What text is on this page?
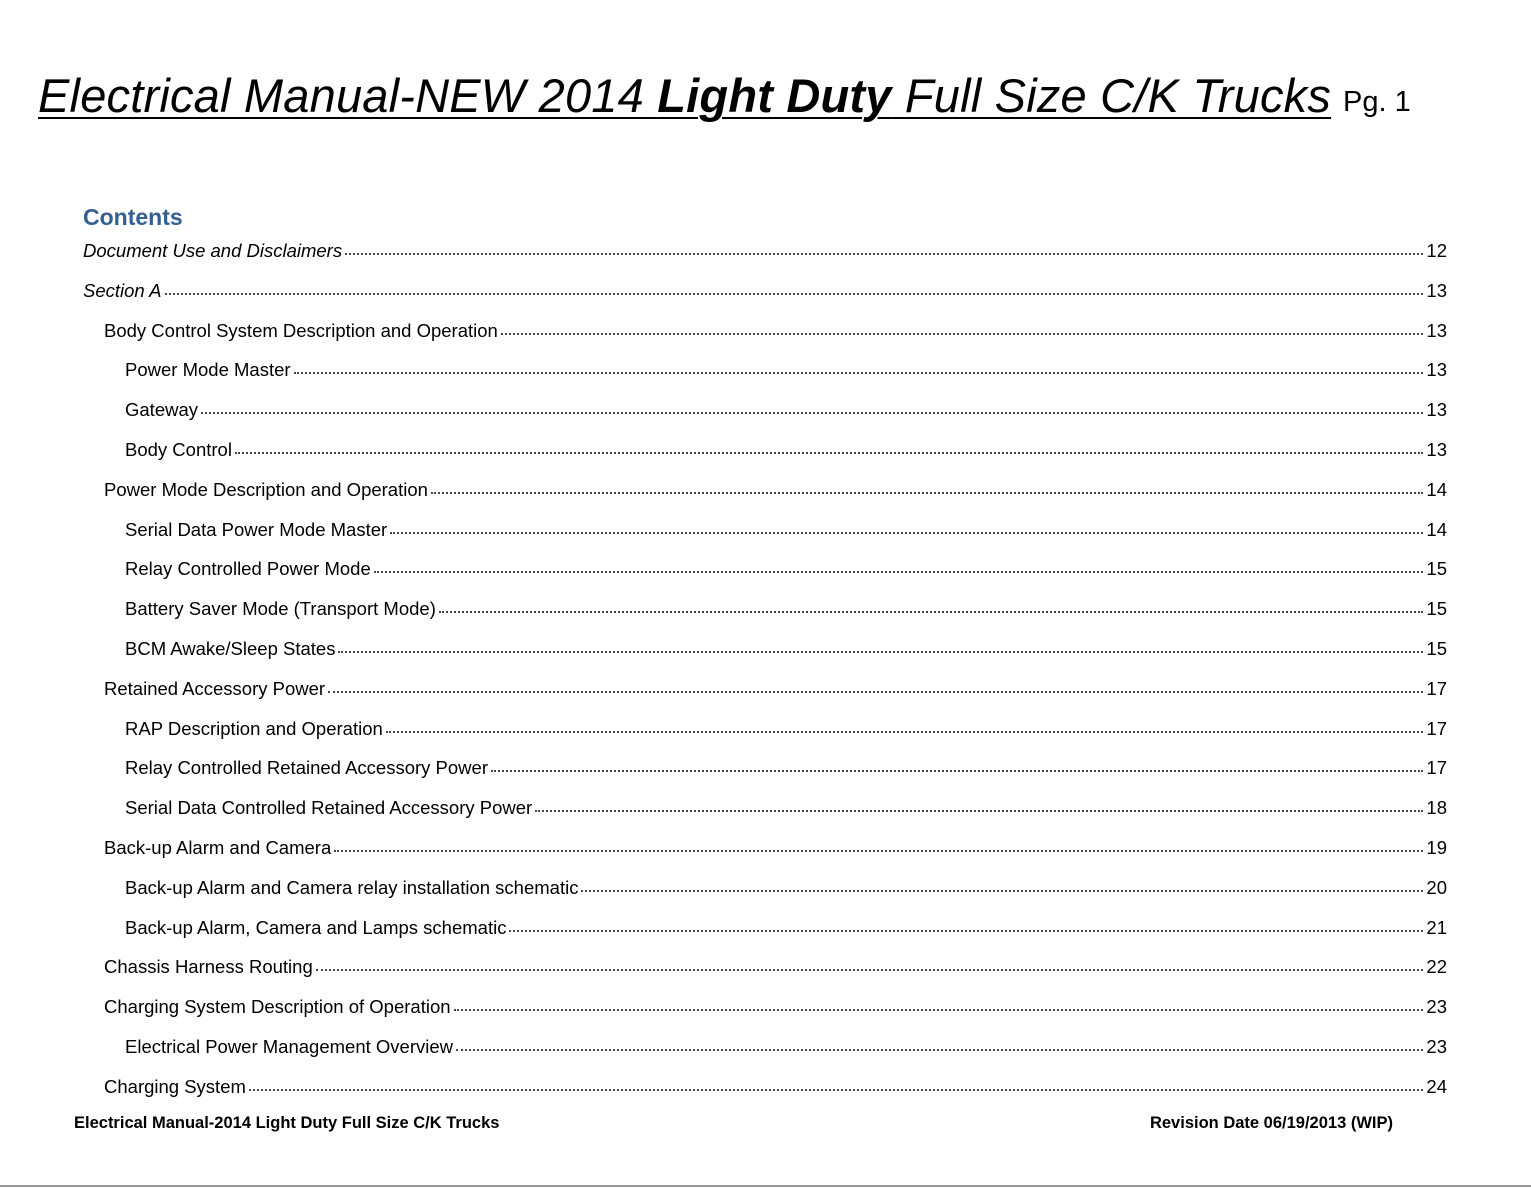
Electrical Manual-NEW 2014 Light Duty Full Size C/K Trucks Pg. 1
Contents
Document Use and Disclaimers	12
Section A	13
Body Control System Description and Operation	13
Power Mode Master	13
Gateway	13
Body Control	13
Power Mode Description and Operation	14
Serial Data Power Mode Master	14
Relay Controlled Power Mode	15
Battery Saver Mode (Transport Mode)	15
BCM Awake/Sleep States	15
Retained Accessory Power	17
RAP Description and Operation	17
Relay Controlled Retained Accessory Power	17
Serial Data Controlled Retained Accessory Power	18
Back-up Alarm and Camera	19
Back-up Alarm and Camera relay installation schematic	20
Back-up Alarm, Camera and Lamps schematic	21
Chassis Harness Routing	22
Charging System Description of Operation	23
Electrical Power Management Overview	23
Charging System	24
Electrical Manual-2014 Light Duty Full Size C/K Trucks	Revision Date 06/19/2013 (WIP)
